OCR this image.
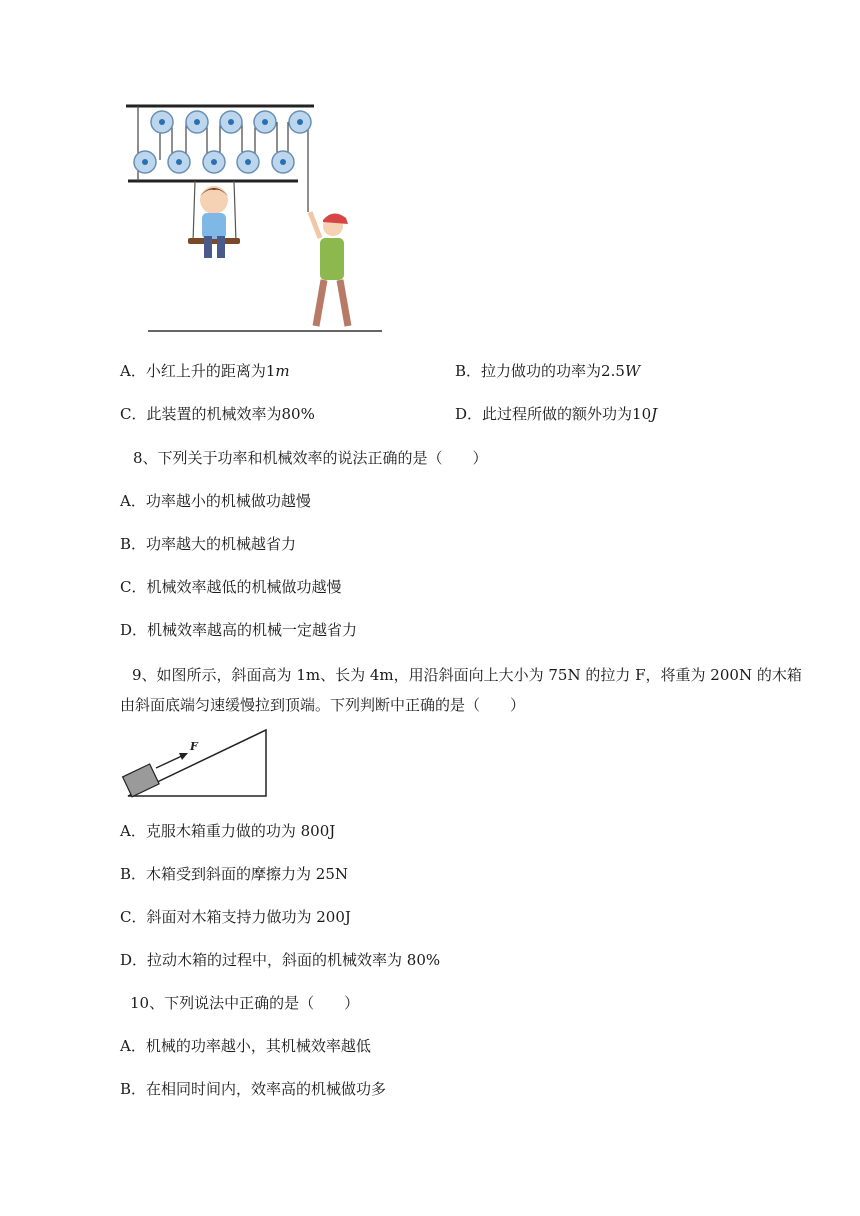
A．小红上升的距离为1m	B．拉力做功的功率为2.5W
C．此装置的机械效率为80%	D．此过程所做的额外功为10J
8、下列关于功率和机械效率的说法正确的是（　　）
A．功率越小的机械做功越慢
B．功率越大的机械越省力
C．机械效率越低的机械做功越慢
D．机械效率越高的机械一定越省力
9、如图所示，斜面高为 1m、长为 4m，用沿斜面向上大小为 75N 的拉力 F，将重为 200N 的木箱由斜面底端匀速缓慢拉到顶端。下列判断中正确的是（　　）
F
A．克服木箱重力做的功为 800J
B．木箱受到斜面的摩擦力为 25N
C．斜面对木箱支持力做功为 200J
D．拉动木箱的过程中，斜面的机械效率为 80%
10、下列说法中正确的是（　　）
A．机械的功率越小，其机械效率越低
B．在相同时间内，效率高的机械做功多
